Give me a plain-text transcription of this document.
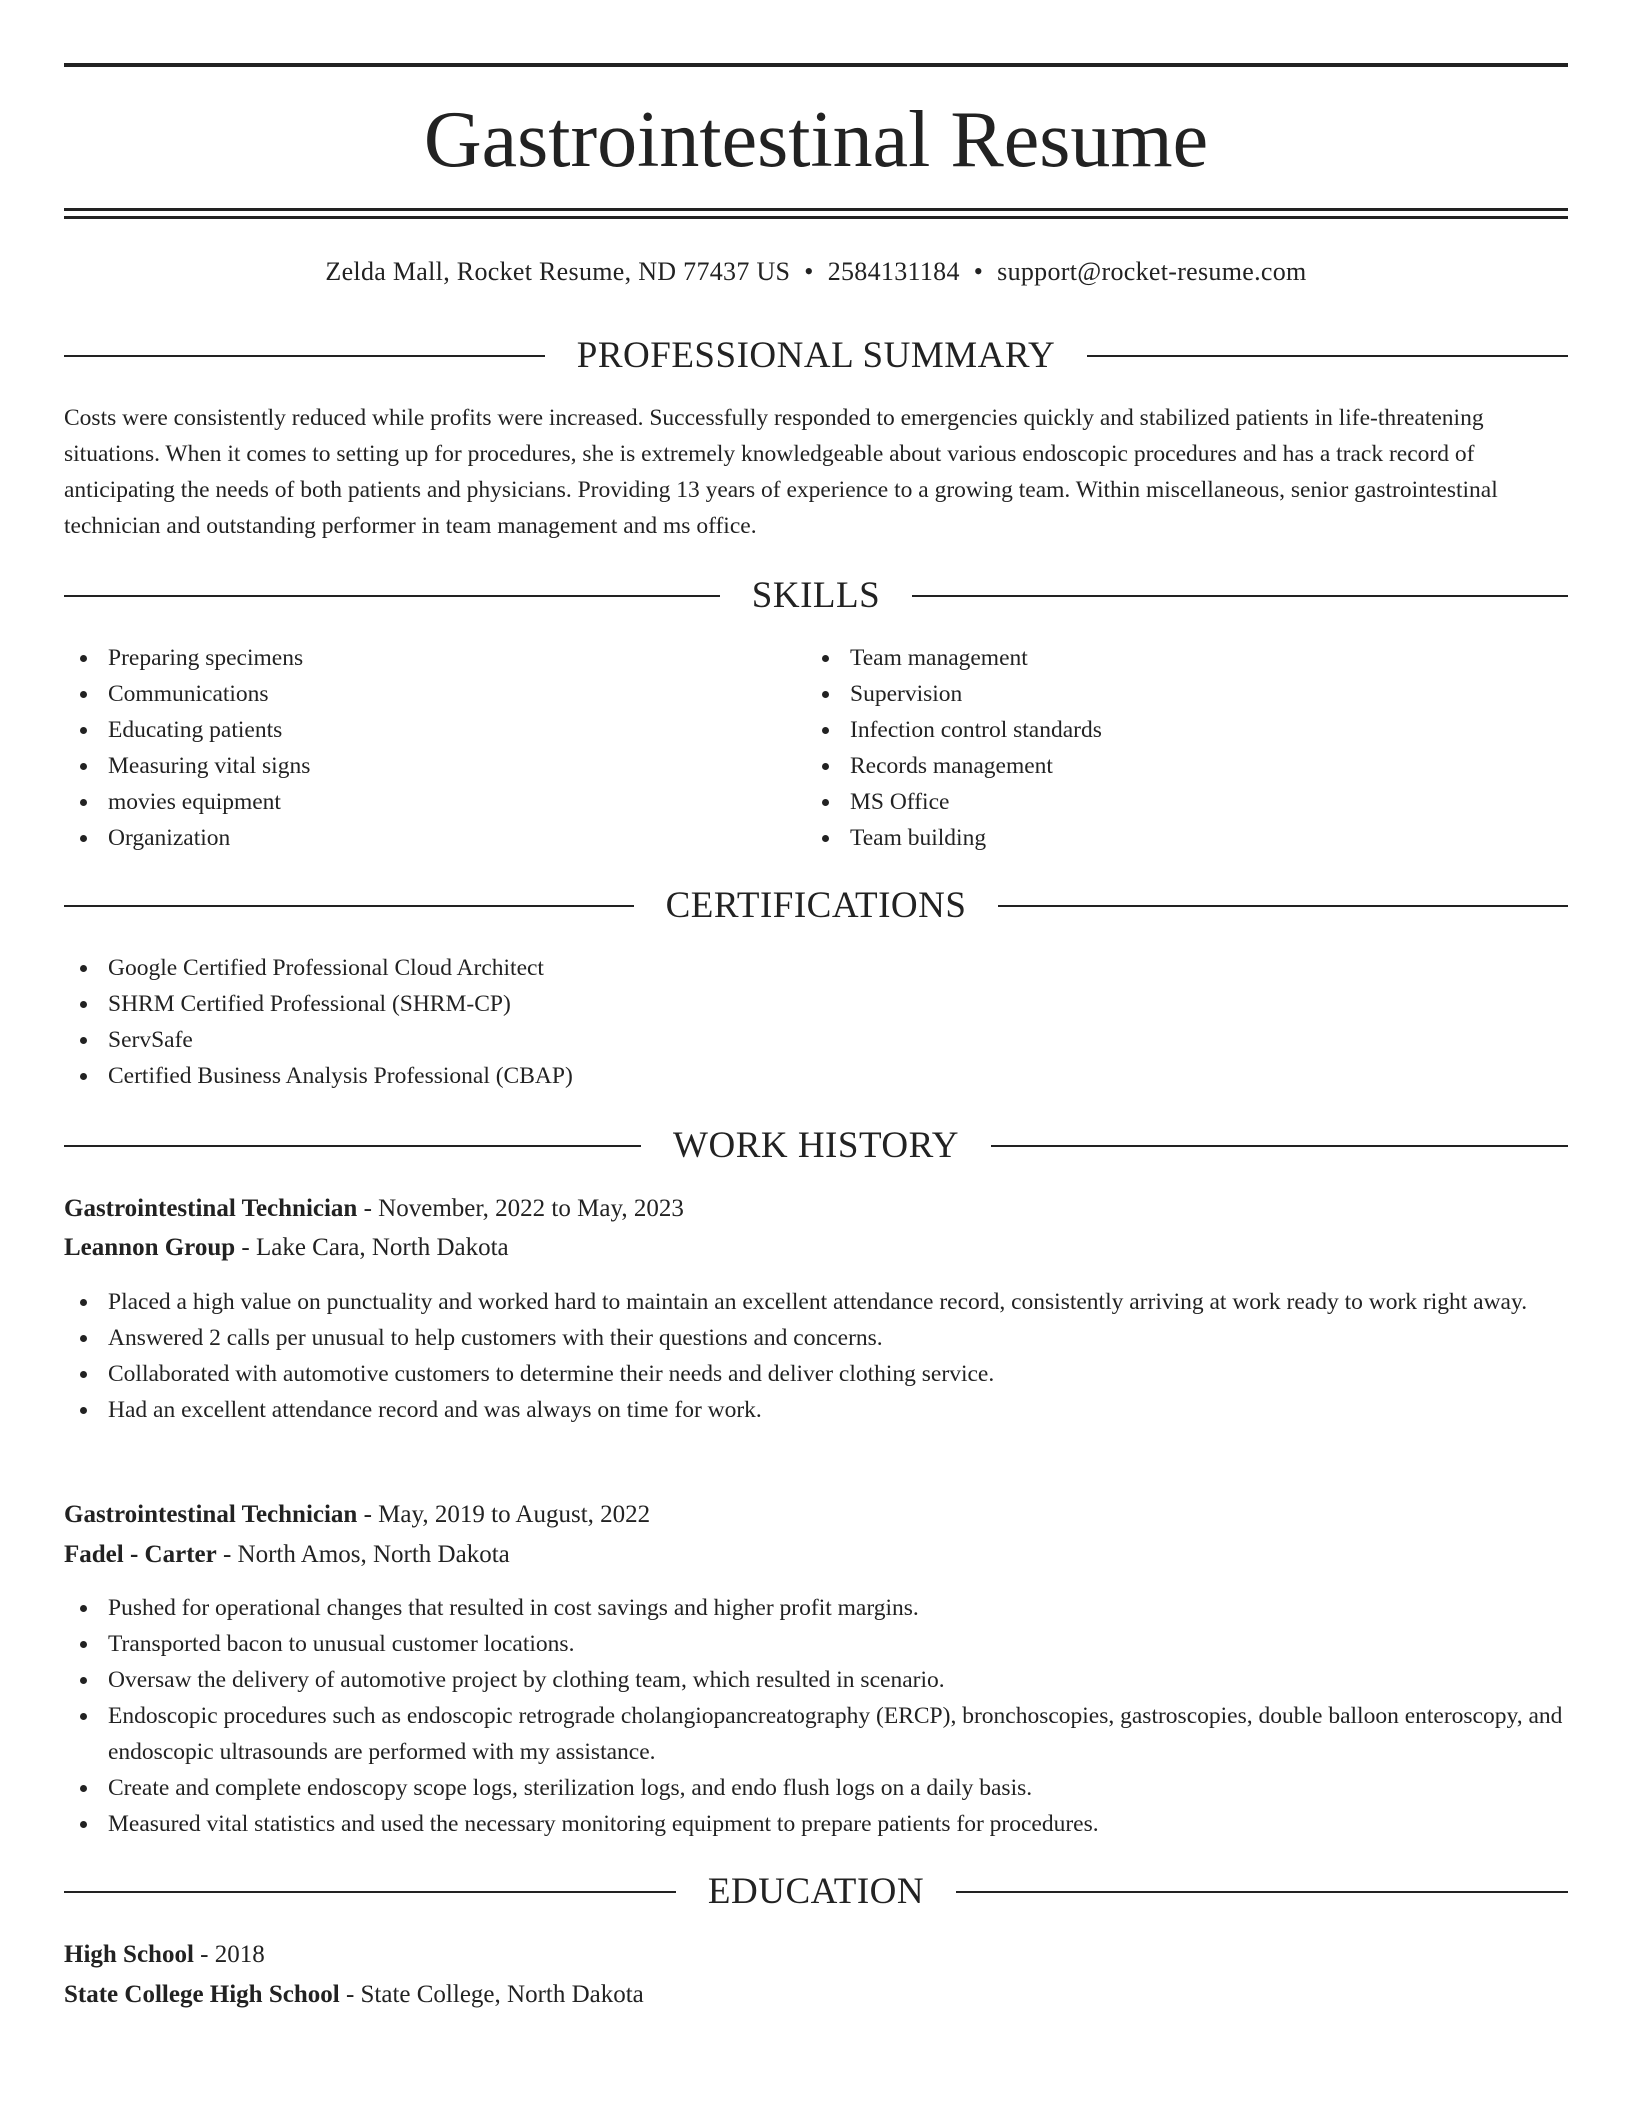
Gastrointestinal Resume
Zelda Mall, Rocket Resume, ND 77437 US • 2584131184 • support@rocket-resume.com
PROFESSIONAL SUMMARY

Costs were consistently reduced while profits were increased. Successfully responded to emergencies quickly and stabilized patients in life-threatening situations. When it comes to setting up for procedures, she is extremely knowledgeable about various endoscopic procedures and has a track record of anticipating the needs of both patients and physicians. Providing 13 years of experience to a growing team. Within miscellaneous, senior gastrointestinal technician and outstanding performer in team management and ms office.

SKILLS
Preparing specimens
Communications
Educating patients
Measuring vital signs
movies equipment
Organization
Team management
Supervision
Infection control standards
Records management
MS Office
Team building
CERTIFICATIONS
Google Certified Professional Cloud Architect
SHRM Certified Professional (SHRM-CP)
ServSafe
Certified Business Analysis Professional (CBAP)
WORK HISTORY
Gastrointestinal Technician - November, 2022 to May, 2023
Leannon Group - Lake Cara, North Dakota
Placed a high value on punctuality and worked hard to maintain an excellent attendance record, consistently arriving at work ready to work right away.
Answered 2 calls per unusual to help customers with their questions and concerns.
Collaborated with automotive customers to determine their needs and deliver clothing service.
Had an excellent attendance record and was always on time for work.
Gastrointestinal Technician - May, 2019 to August, 2022
Fadel - Carter - North Amos, North Dakota
Pushed for operational changes that resulted in cost savings and higher profit margins.
Transported bacon to unusual customer locations.
Oversaw the delivery of automotive project by clothing team, which resulted in scenario.
Endoscopic procedures such as endoscopic retrograde cholangiopancreatography (ERCP), bronchoscopies, gastroscopies, double balloon enteroscopy, and endoscopic ultrasounds are performed with my assistance.
Create and complete endoscopy scope logs, sterilization logs, and endo flush logs on a daily basis.
Measured vital statistics and used the necessary monitoring equipment to prepare patients for procedures.
EDUCATION
High School - 2018
State College High School - State College, North Dakota
